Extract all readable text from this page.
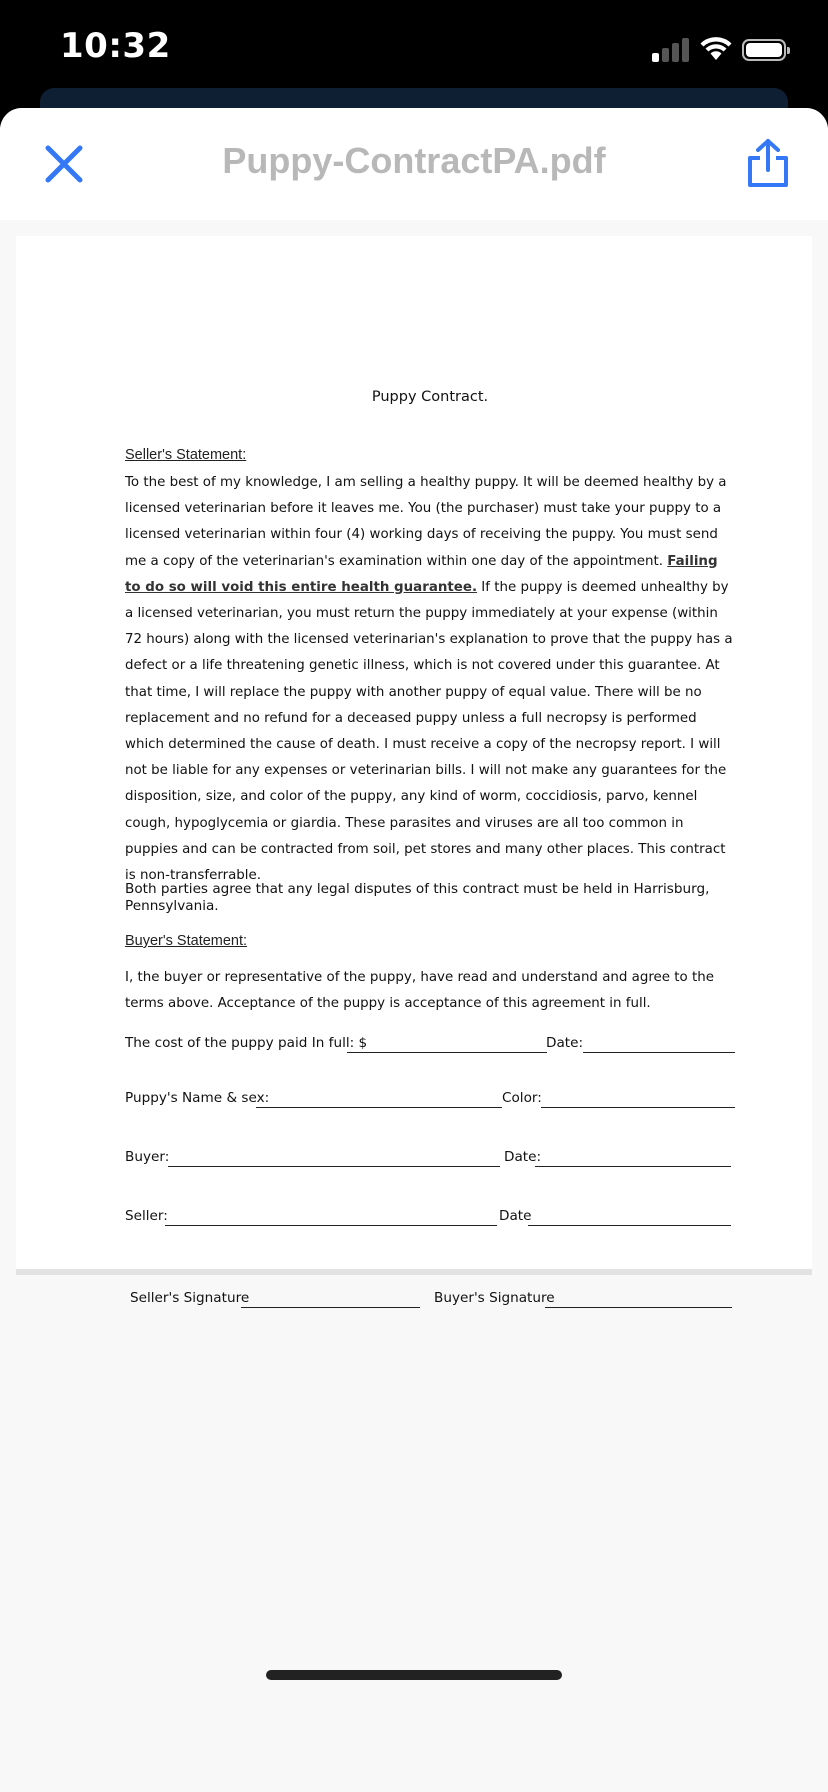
10:32
Puppy-ContractPA.pdf
Puppy Contract.
Seller's Statement:
To the best of my knowledge, I am selling a healthy puppy. It will be deemed healthy by a licensed veterinarian before it leaves me. You (the purchaser) must take your puppy to a licensed veterinarian within four (4) working days of receiving the puppy. You must send me a copy of the veterinarian's examination within one day of the appointment. Failing to do so will void this entire health guarantee. If the puppy is deemed unhealthy by a licensed veterinarian, you must return the puppy immediately at your expense (within 72 hours) along with the licensed veterinarian's explanation to prove that the puppy has a defect or a life threatening genetic illness, which is not covered under this guarantee. At that time, I will replace the puppy with another puppy of equal value. There will be no replacement and no refund for a deceased puppy unless a full necropsy is performed which determined the cause of death. I must receive a copy of the necropsy report. I will not be liable for any expenses or veterinarian bills. I will not make any guarantees for the disposition, size, and color of the puppy, any kind of worm, coccidiosis, parvo, kennel cough, hypoglycemia or giardia. These parasites and viruses are all too common in puppies and can be contracted from soil, pet stores and many other places. This contract is non-transferrable.
Both parties agree that any legal disputes of this contract must be held in Harrisburg, Pennsylvania.
Buyer's Statement:
I, the buyer or representative of the puppy, have read and understand and agree to the terms above. Acceptance of the puppy is acceptance of this agreement in full.
The cost of the puppy paid In full: $	Date:
Puppy's Name & sex:	Color:
Buyer:	Date:
Seller:	Date
Seller's Signature	Buyer's Signature
